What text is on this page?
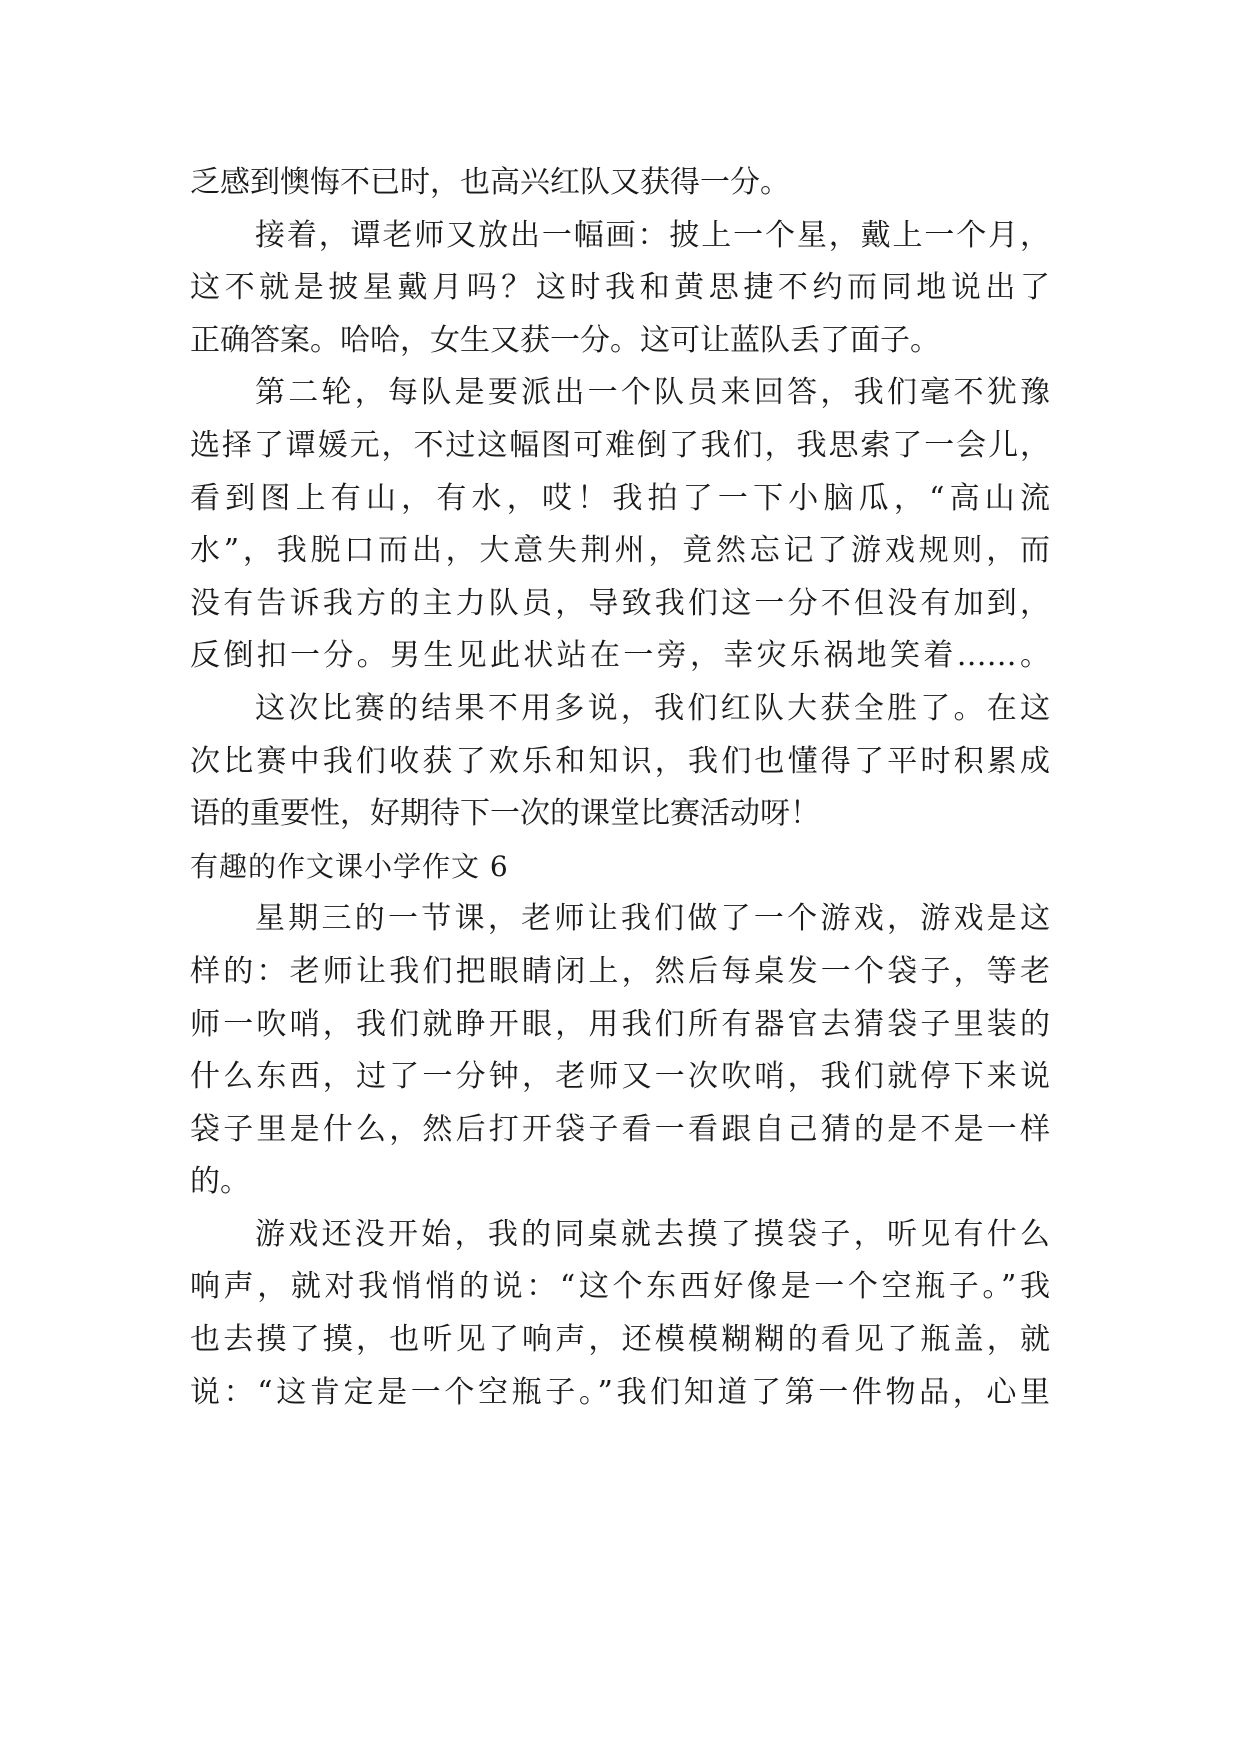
乏感到懊悔不已时，也高兴红队又获得一分。
接着，谭老师又放出一幅画：披上一个星，戴上一个月，
这不就是披星戴月吗？这时我和黄思捷不约而同地说出了
正确答案。哈哈，女生又获一分。这可让蓝队丢了面子。
第二轮，每队是要派出一个队员来回答，我们毫不犹豫
选择了谭媛元，不过这幅图可难倒了我们，我思索了一会儿，
看到图上有山，有水，哎！我拍了一下小脑瓜，“高山流
水”，我脱口而出，大意失荆州，竟然忘记了游戏规则，而
没有告诉我方的主力队员，导致我们这一分不但没有加到，
反倒扣一分。男生见此状站在一旁，幸灾乐祸地笑着……。
这次比赛的结果不用多说，我们红队大获全胜了。在这
次比赛中我们收获了欢乐和知识，我们也懂得了平时积累成
语的重要性，好期待下一次的课堂比赛活动呀！
有趣的作文课小学作文 6
星期三的一节课，老师让我们做了一个游戏，游戏是这
样的：老师让我们把眼睛闭上，然后每桌发一个袋子，等老
师一吹哨，我们就睁开眼，用我们所有器官去猜袋子里装的
什么东西，过了一分钟，老师又一次吹哨，我们就停下来说
袋子里是什么，然后打开袋子看一看跟自己猜的是不是一样
的。
游戏还没开始，我的同桌就去摸了摸袋子，听见有什么
响声，就对我悄悄的说：“这个东西好像是一个空瓶子。”我
也去摸了摸，也听见了响声，还模模糊糊的看见了瓶盖，就
说：“这肯定是一个空瓶子。”我们知道了第一件物品，心里
